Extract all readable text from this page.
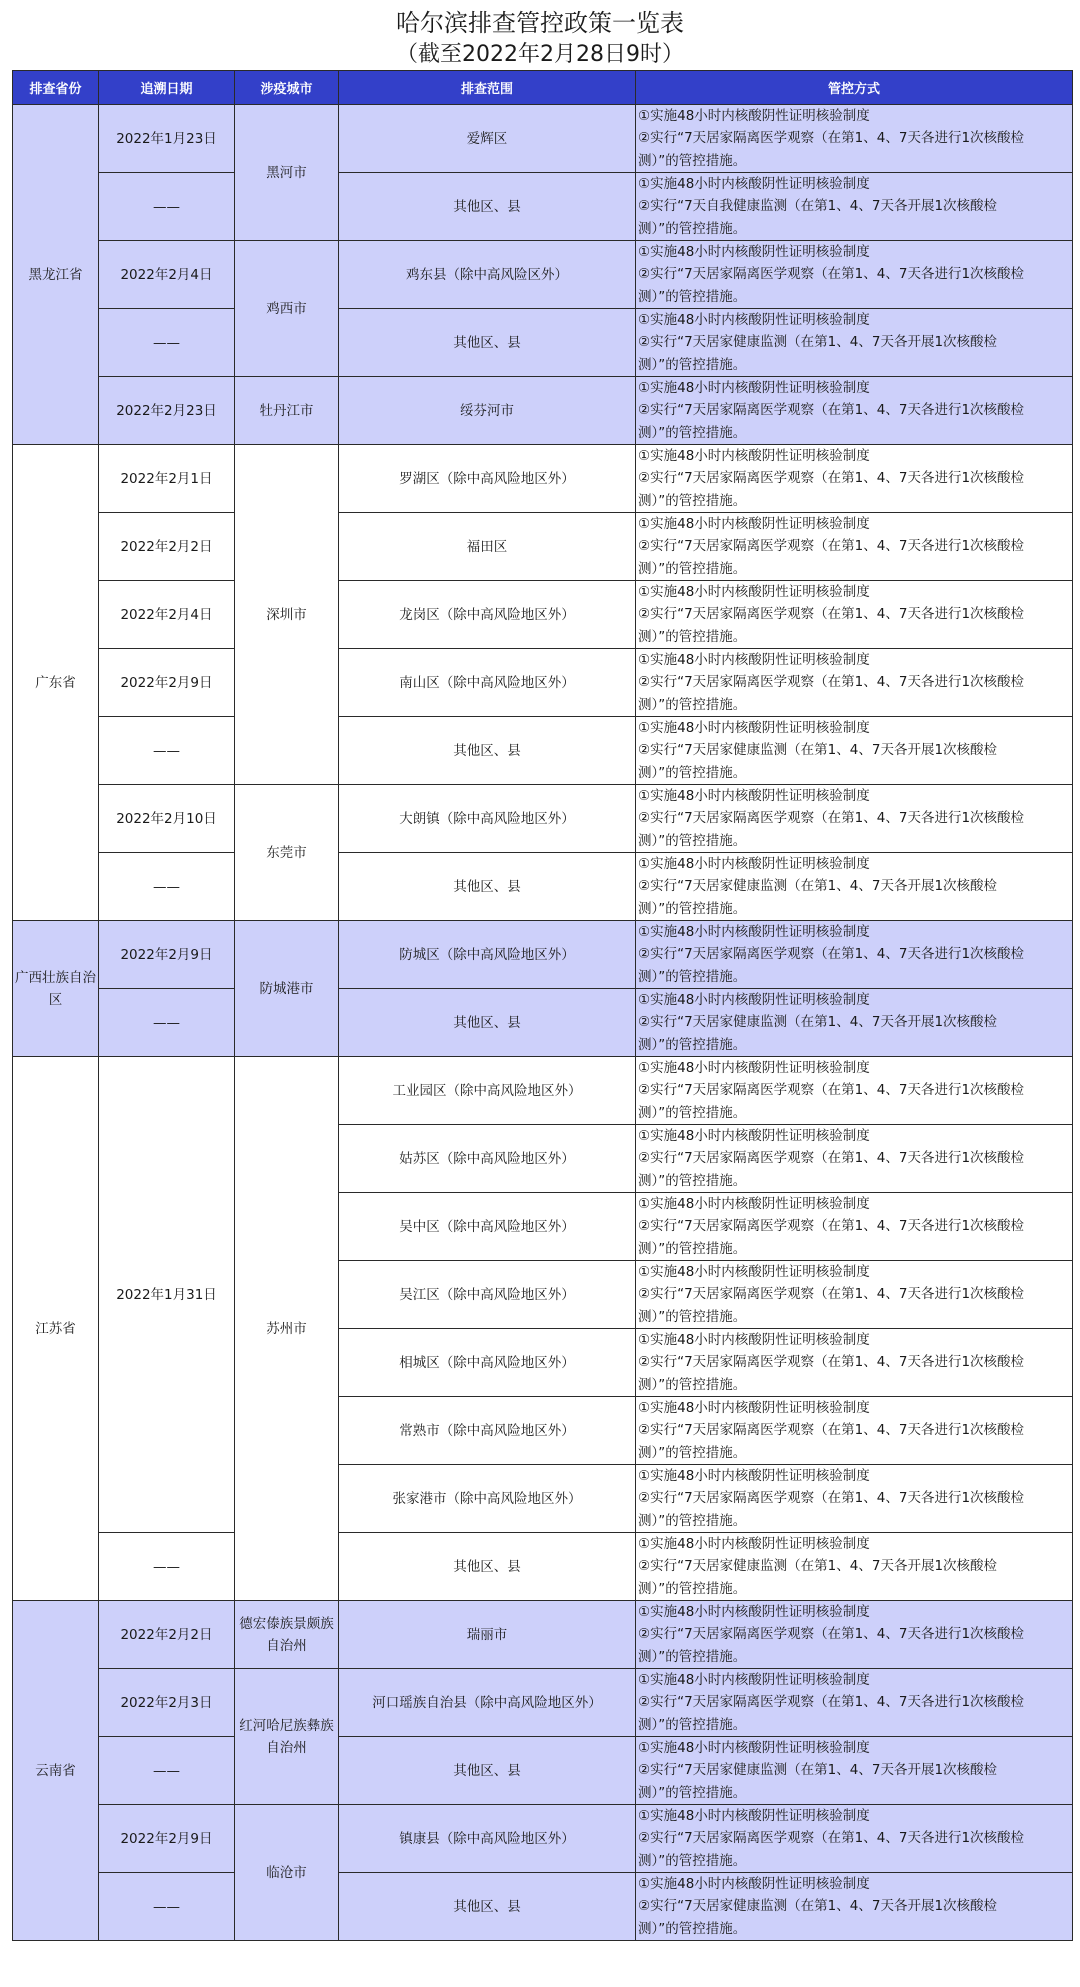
哈尔滨排查管控政策一览表
（截至2022年2月28日9时）
排查省份	追溯日期	涉疫城市	排查范围	管控方式
黑龙江省	2022年1月23日	黑河市	爱辉区	①实施48小时内核酸阴性证明核验制度
②实行“7天居家隔离医学观察（在第1、4、7天各进行1次核酸检
测）”的管控措施。

	——		其他区、县	①实施48小时内核酸阴性证明核验制度
②实行“7天自我健康监测（在第1、4、7天各开展1次核酸检
测）”的管控措施。

	2022年2月4日	鸡西市	鸡东县（除中高风险区外）	①实施48小时内核酸阴性证明核验制度
②实行“7天居家隔离医学观察（在第1、4、7天各进行1次核酸检
测）”的管控措施。

	——		其他区、县	①实施48小时内核酸阴性证明核验制度
②实行“7天居家健康监测（在第1、4、7天各开展1次核酸检
测）”的管控措施。

	2022年2月23日	牡丹江市	绥芬河市	①实施48小时内核酸阴性证明核验制度
②实行“7天居家隔离医学观察（在第1、4、7天各进行1次核酸检
测）”的管控措施。

广东省	2022年2月1日	深圳市	罗湖区（除中高风险地区外）	①实施48小时内核酸阴性证明核验制度
②实行“7天居家隔离医学观察（在第1、4、7天各进行1次核酸检
测）”的管控措施。

	2022年2月2日		福田区	①实施48小时内核酸阴性证明核验制度
②实行“7天居家隔离医学观察（在第1、4、7天各进行1次核酸检
测）”的管控措施。

	2022年2月4日		龙岗区（除中高风险地区外）	①实施48小时内核酸阴性证明核验制度
②实行“7天居家隔离医学观察（在第1、4、7天各进行1次核酸检
测）”的管控措施。

	2022年2月9日		南山区（除中高风险地区外）	①实施48小时内核酸阴性证明核验制度
②实行“7天居家隔离医学观察（在第1、4、7天各进行1次核酸检
测）”的管控措施。

	——		其他区、县	①实施48小时内核酸阴性证明核验制度
②实行“7天居家健康监测（在第1、4、7天各开展1次核酸检
测）”的管控措施。

	2022年2月10日	东莞市	大朗镇（除中高风险地区外）	①实施48小时内核酸阴性证明核验制度
②实行“7天居家隔离医学观察（在第1、4、7天各进行1次核酸检
测）”的管控措施。

	——		其他区、县	①实施48小时内核酸阴性证明核验制度
②实行“7天居家健康监测（在第1、4、7天各开展1次核酸检
测）”的管控措施。

广西壮族自治区	2022年2月9日	防城港市	防城区（除中高风险地区外）	①实施48小时内核酸阴性证明核验制度
②实行“7天居家隔离医学观察（在第1、4、7天各进行1次核酸检
测）”的管控措施。

	——		其他区、县	①实施48小时内核酸阴性证明核验制度
②实行“7天居家健康监测（在第1、4、7天各开展1次核酸检
测）”的管控措施。

江苏省	2022年1月31日	苏州市	工业园区（除中高风险地区外）	①实施48小时内核酸阴性证明核验制度
②实行“7天居家隔离医学观察（在第1、4、7天各进行1次核酸检
测）”的管控措施。

			姑苏区（除中高风险地区外）	①实施48小时内核酸阴性证明核验制度
②实行“7天居家隔离医学观察（在第1、4、7天各进行1次核酸检
测）”的管控措施。

			吴中区（除中高风险地区外）	①实施48小时内核酸阴性证明核验制度
②实行“7天居家隔离医学观察（在第1、4、7天各进行1次核酸检
测）”的管控措施。

			吴江区（除中高风险地区外）	①实施48小时内核酸阴性证明核验制度
②实行“7天居家隔离医学观察（在第1、4、7天各进行1次核酸检
测）”的管控措施。

			相城区（除中高风险地区外）	①实施48小时内核酸阴性证明核验制度
②实行“7天居家隔离医学观察（在第1、4、7天各进行1次核酸检
测）”的管控措施。

			常熟市（除中高风险地区外）	①实施48小时内核酸阴性证明核验制度
②实行“7天居家隔离医学观察（在第1、4、7天各进行1次核酸检
测）”的管控措施。

			张家港市（除中高风险地区外）	①实施48小时内核酸阴性证明核验制度
②实行“7天居家隔离医学观察（在第1、4、7天各进行1次核酸检
测）”的管控措施。

	——		其他区、县	①实施48小时内核酸阴性证明核验制度
②实行“7天居家健康监测（在第1、4、7天各开展1次核酸检
测）”的管控措施。

云南省	2022年2月2日	德宏傣族景颇族自治州	瑞丽市	①实施48小时内核酸阴性证明核验制度
②实行“7天居家隔离医学观察（在第1、4、7天各进行1次核酸检
测）”的管控措施。

	2022年2月3日	红河哈尼族彝族自治州	河口瑶族自治县（除中高风险地区外）	①实施48小时内核酸阴性证明核验制度
②实行“7天居家隔离医学观察（在第1、4、7天各进行1次核酸检
测）”的管控措施。

	——		其他区、县	①实施48小时内核酸阴性证明核验制度
②实行“7天居家健康监测（在第1、4、7天各开展1次核酸检
测）”的管控措施。

	2022年2月9日	临沧市	镇康县（除中高风险地区外）	①实施48小时内核酸阴性证明核验制度
②实行“7天居家隔离医学观察（在第1、4、7天各进行1次核酸检
测）”的管控措施。

	——		其他区、县	①实施48小时内核酸阴性证明核验制度
②实行“7天居家健康监测（在第1、4、7天各开展1次核酸检
测）”的管控措施。
